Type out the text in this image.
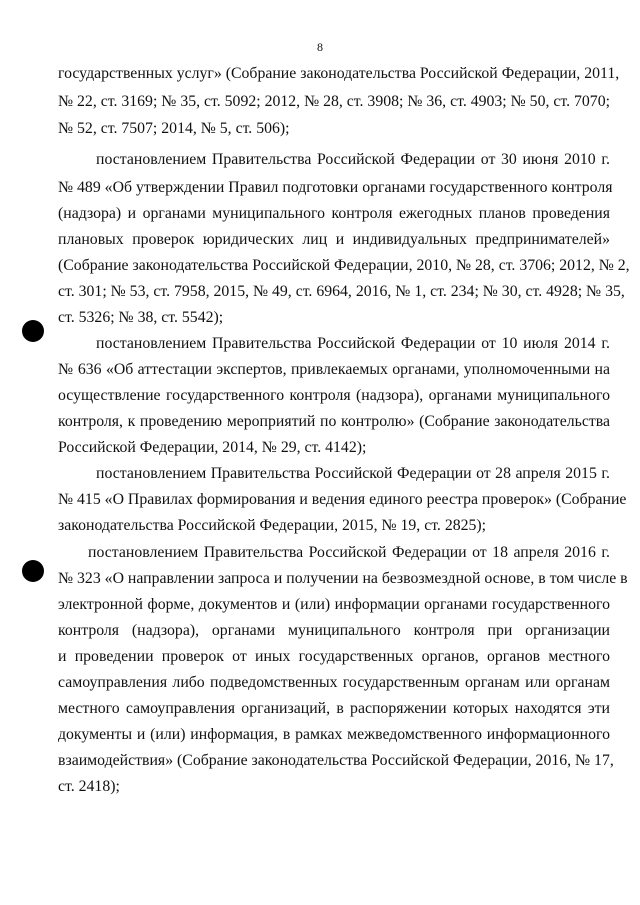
8
государственных услуг» (Собрание законодательства Российской Федерации, 2011,
№ 22, ст. 3169; № 35, ст. 5092; 2012, № 28, ст. 3908; № 36, ст. 4903; № 50, ст. 7070;
№ 52, ст. 7507; 2014, № 5, ст. 506);
постановлением Правительства Российской Федерации от 30 июня 2010 г.
№ 489 «Об утверждении Правил подготовки органами государственного контроля
(надзора) и органами муниципального контроля ежегодных планов проведения
плановых проверок юридических лиц и индивидуальных предпринимателей»
(Собрание законодательства Российской Федерации, 2010, № 28, ст. 3706; 2012, № 2,
ст. 301; № 53, ст. 7958, 2015, № 49, ст. 6964, 2016, № 1, ст. 234; № 30, ст. 4928; № 35,
ст. 5326; № 38, ст. 5542);
постановлением Правительства Российской Федерации от 10 июля 2014 г.
№ 636 «Об аттестации экспертов, привлекаемых органами, уполномоченными на
осуществление государственного контроля (надзора), органами муниципального
контроля, к проведению мероприятий по контролю» (Собрание законодательства
Российской Федерации, 2014, № 29, ст. 4142);
постановлением Правительства Российской Федерации от 28 апреля 2015 г.
№ 415 «О Правилах формирования и ведения единого реестра проверок» (Собрание
законодательства Российской Федерации, 2015, № 19, ст. 2825);
постановлением Правительства Российской Федерации от 18 апреля 2016 г.
№ 323 «О направлении запроса и получении на безвозмездной основе, в том числе в
электронной форме, документов и (или) информации органами государственного
контроля (надзора), органами муниципального контроля при организации
и проведении проверок от иных государственных органов, органов местного
самоуправления либо подведомственных государственным органам или органам
местного самоуправления организаций, в распоряжении которых находятся эти
документы и (или) информация, в рамках межведомственного информационного
взаимодействия» (Собрание законодательства Российской Федерации, 2016, № 17,
ст. 2418);
